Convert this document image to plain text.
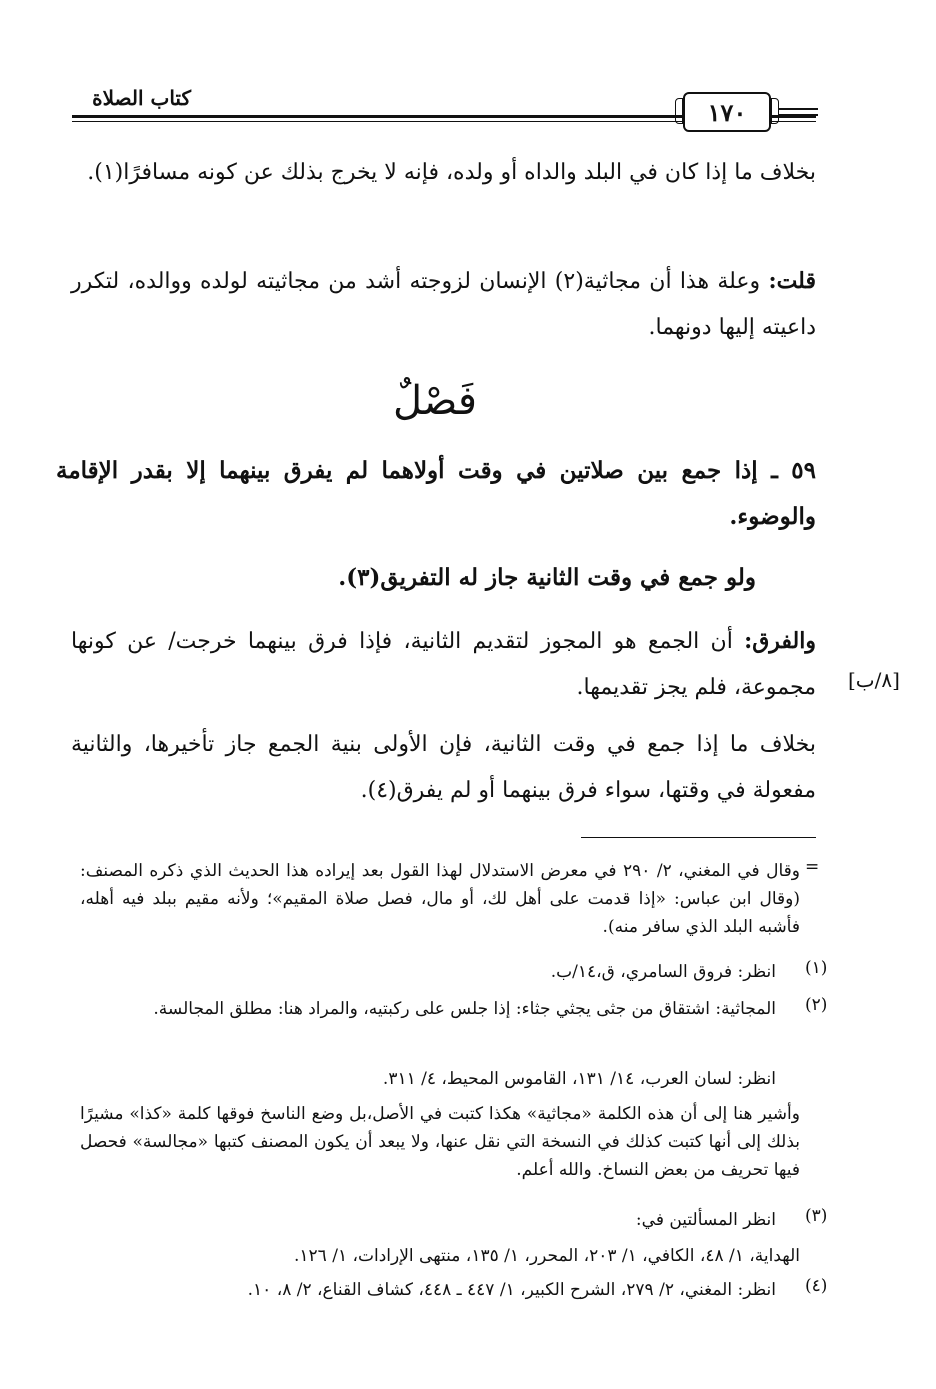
كتاب الصلاة	١٧٠
بخلاف ما إذا كان في البلد والداه أو ولده، فإنه لا يخرج بذلك عن كونه مسافرًا(١).
قلت: وعلة هذا أن مجاثية(٢) الإنسان لزوجته أشد من مجاثيته لولده ووالده، لتكرر داعيته إليها دونهما.
فَصْلٌ
٥٩ ـ إذا جمع بين صلاتين في وقت أولاهما لم يفرق بينهما إلا بقدر الإقامة والوضوء.
ولو جمع في وقت الثانية جاز له التفريق(٣).
والفرق: أن الجمع هو المجوز لتقديم الثانية، فإذا فرق بينهما خرجت/ عن كونها مجموعة، فلم يجز تقديمها. [٨/ب]
بخلاف ما إذا جمع في وقت الثانية، فإن الأولى بنية الجمع جاز تأخيرها، والثانية مفعولة في وقتها، سواء فرق بينهما أو لم يفرق(٤).
=
وقال في المغني، ٢/ ٢٩٠ في معرض الاستدلال لهذا القول بعد إيراده هذا الحديث الذي ذكره المصنف: (وقال ابن عباس: «إذا قدمت على أهل لك، أو مال، فصل صلاة المقيم»؛ ولأنه مقيم ببلد فيه أهله، فأشبه البلد الذي سافر منه).
(١)
انظر: فروق السامري، ق،١٤/ب.
(٢)
المجاثية: اشتقاق من جثى يجثي جثاء: إذا جلس على ركبتيه، والمراد هنا: مطلق المجالسة.
انظر: لسان العرب، ١٤/ ١٣١، القاموس المحيط، ٤/ ٣١١.
وأشير هنا إلى أن هذه الكلمة «مجاثية» هكذا كتبت في الأصل،بل وضع الناسخ فوقها كلمة «كذا» مشيرًا بذلك إلى أنها كتبت كذلك في النسخة التي نقل عنها، ولا يبعد أن يكون المصنف كتبها «مجالسة» فحصل فيها تحريف من بعض النساخ. والله أعلم.
(٣)
انظر المسألتين في:
الهداية، ١/ ٤٨، الكافي، ١/ ٢٠٣، المحرر، ١/ ١٣٥، منتهى الإرادات، ١/ ١٢٦.
(٤)
انظر: المغني، ٢/ ٢٧٩، الشرح الكبير، ١/ ٤٤٧ ـ ٤٤٨، كشاف القناع، ٢/ ٨، ١٠.
